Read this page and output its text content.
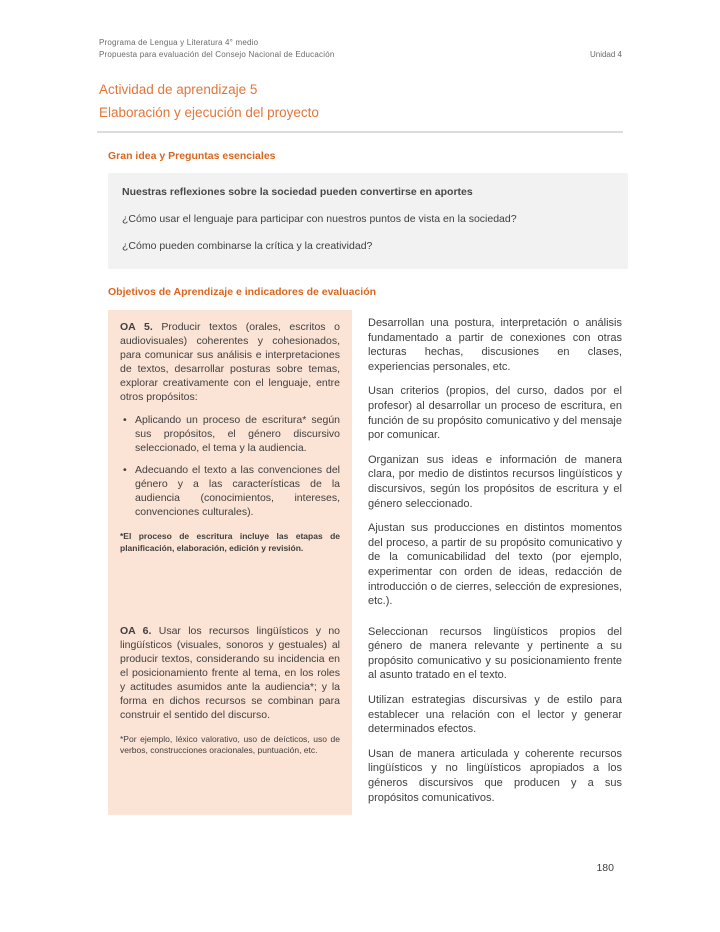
Programa de Lengua y Literatura 4° medio
Propuesta para evaluación del Consejo Nacional de Educación	Unidad 4
Actividad de aprendizaje 5
Elaboración y ejecución del proyecto
Gran idea y Preguntas esenciales

Nuestras reflexiones sobre la sociedad pueden convertirse en aportes

¿Cómo usar el lenguaje para participar con nuestros puntos de vista en la sociedad?

¿Cómo pueden combinarse la crítica y la creatividad?

Objetivos de Aprendizaje e indicadores de evaluación

OA 5. Producir textos (orales, escritos o audiovisuales) coherentes y cohesionados, para comunicar sus análisis e interpretaciones de textos, desarrollar posturas sobre temas, explorar creativamente con el lenguaje, entre otros propósitos:

• Aplicando un proceso de escritura* según sus propósitos, el género discursivo seleccionado, el tema y la audiencia.
• Adecuando el texto a las convenciones del género y a las características de la audiencia (conocimientos, intereses, convenciones culturales).

*El proceso de escritura incluye las etapas de planificación, elaboración, edición y revisión.

Desarrollan una postura, interpretación o análisis fundamentado a partir de conexiones con otras lecturas hechas, discusiones en clases, experiencias personales, etc.

Usan criterios (propios, del curso, dados por el profesor) al desarrollar un proceso de escritura, en función de su propósito comunicativo y del mensaje por comunicar.

Organizan sus ideas e información de manera clara, por medio de distintos recursos lingüísticos y discursivos, según los propósitos de escritura y el género seleccionado.

Ajustan sus producciones en distintos momentos del proceso, a partir de su propósito comunicativo y de la comunicabilidad del texto (por ejemplo, experimentar con orden de ideas, redacción de introducción o de cierres, selección de expresiones, etc.).

OA 6. Usar los recursos lingüísticos y no lingüísticos (visuales, sonoros y gestuales) al producir textos, considerando su incidencia en el posicionamiento frente al tema, en los roles y actitudes asumidos ante la audiencia*; y la forma en dichos recursos se combinan para construir el sentido del discurso.

*Por ejemplo, léxico valorativo, uso de deícticos, uso de verbos, construcciones oracionales, puntuación, etc.

Seleccionan recursos lingüísticos propios del género de manera relevante y pertinente a su propósito comunicativo y su posicionamiento frente al asunto tratado en el texto.

Utilizan estrategias discursivas y de estilo para establecer una relación con el lector y generar determinados efectos.

Usan de manera articulada y coherente recursos lingüísticos y no lingüísticos apropiados a los géneros discursivos que producen y a sus propósitos comunicativos.

180
